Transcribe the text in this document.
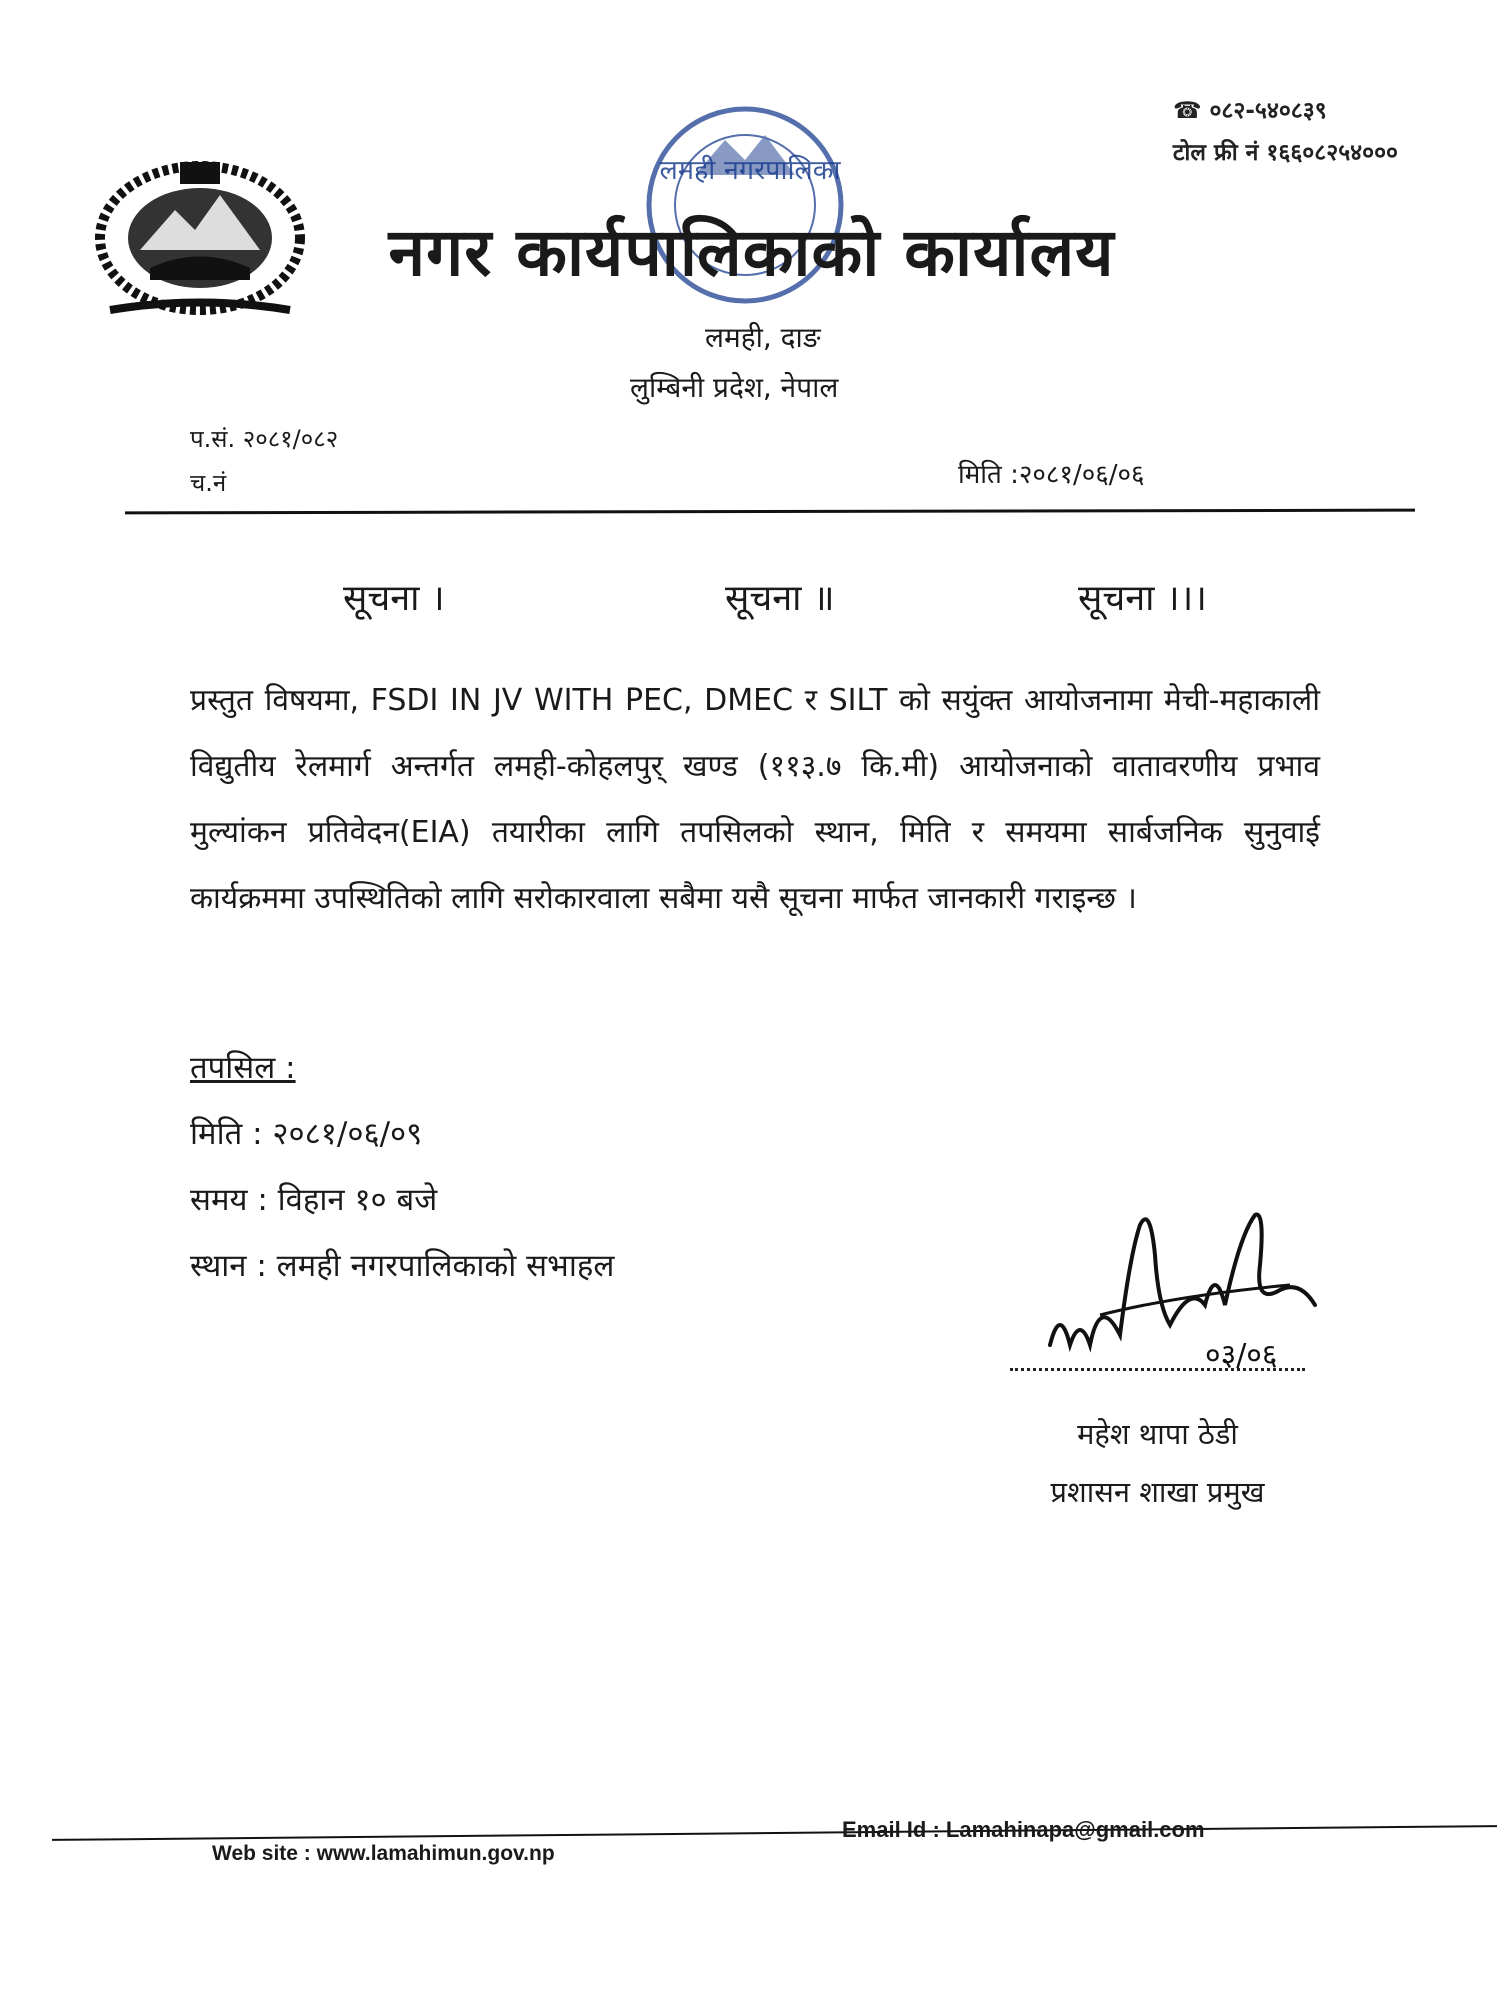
लमही नगरपालिका
☎ ०८२-५४०८३९
टोल फ्री नं १६६०८२५४०००
नगर कार्यपालिकाको कार्यालय
लमही, दाङ
लुम्बिनी प्रदेश, नेपाल
प.सं. २०८१/०८२
च.नं	मिति :२०८१/०६/०६
सूचना ।	सूचना ॥	सूचना ।।।
प्रस्तुत विषयमा, FSDI IN JV WITH PEC, DMEC र SILT को सयुंक्त आयोजनामा मेची-महाकाली विद्युतीय रेलमार्ग अन्तर्गत लमही-कोहलपुर् खण्ड (११३.७ कि.मी) आयोजनाको वातावरणीय प्रभाव मुल्यांकन प्रतिवेदन(EIA) तयारीका लागि तपसिलको स्थान, मिति र समयमा सार्बजनिक सुनुवाई कार्यक्रममा उपस्थितिको लागि सरोकारवाला सबैमा यसै सूचना मार्फत जानकारी गराइन्छ ।
तपसिल :
मिति : २०८१/०६/०९
समय : विहान १० बजे
स्थान : लमही नगरपालिकाको सभाहल
०३/०६
महेश थापा ठेडी
प्रशासन शाखा प्रमुख
Web site : www.lamahimun.gov.np
Email Id : Lamahinapa@gmail.com
